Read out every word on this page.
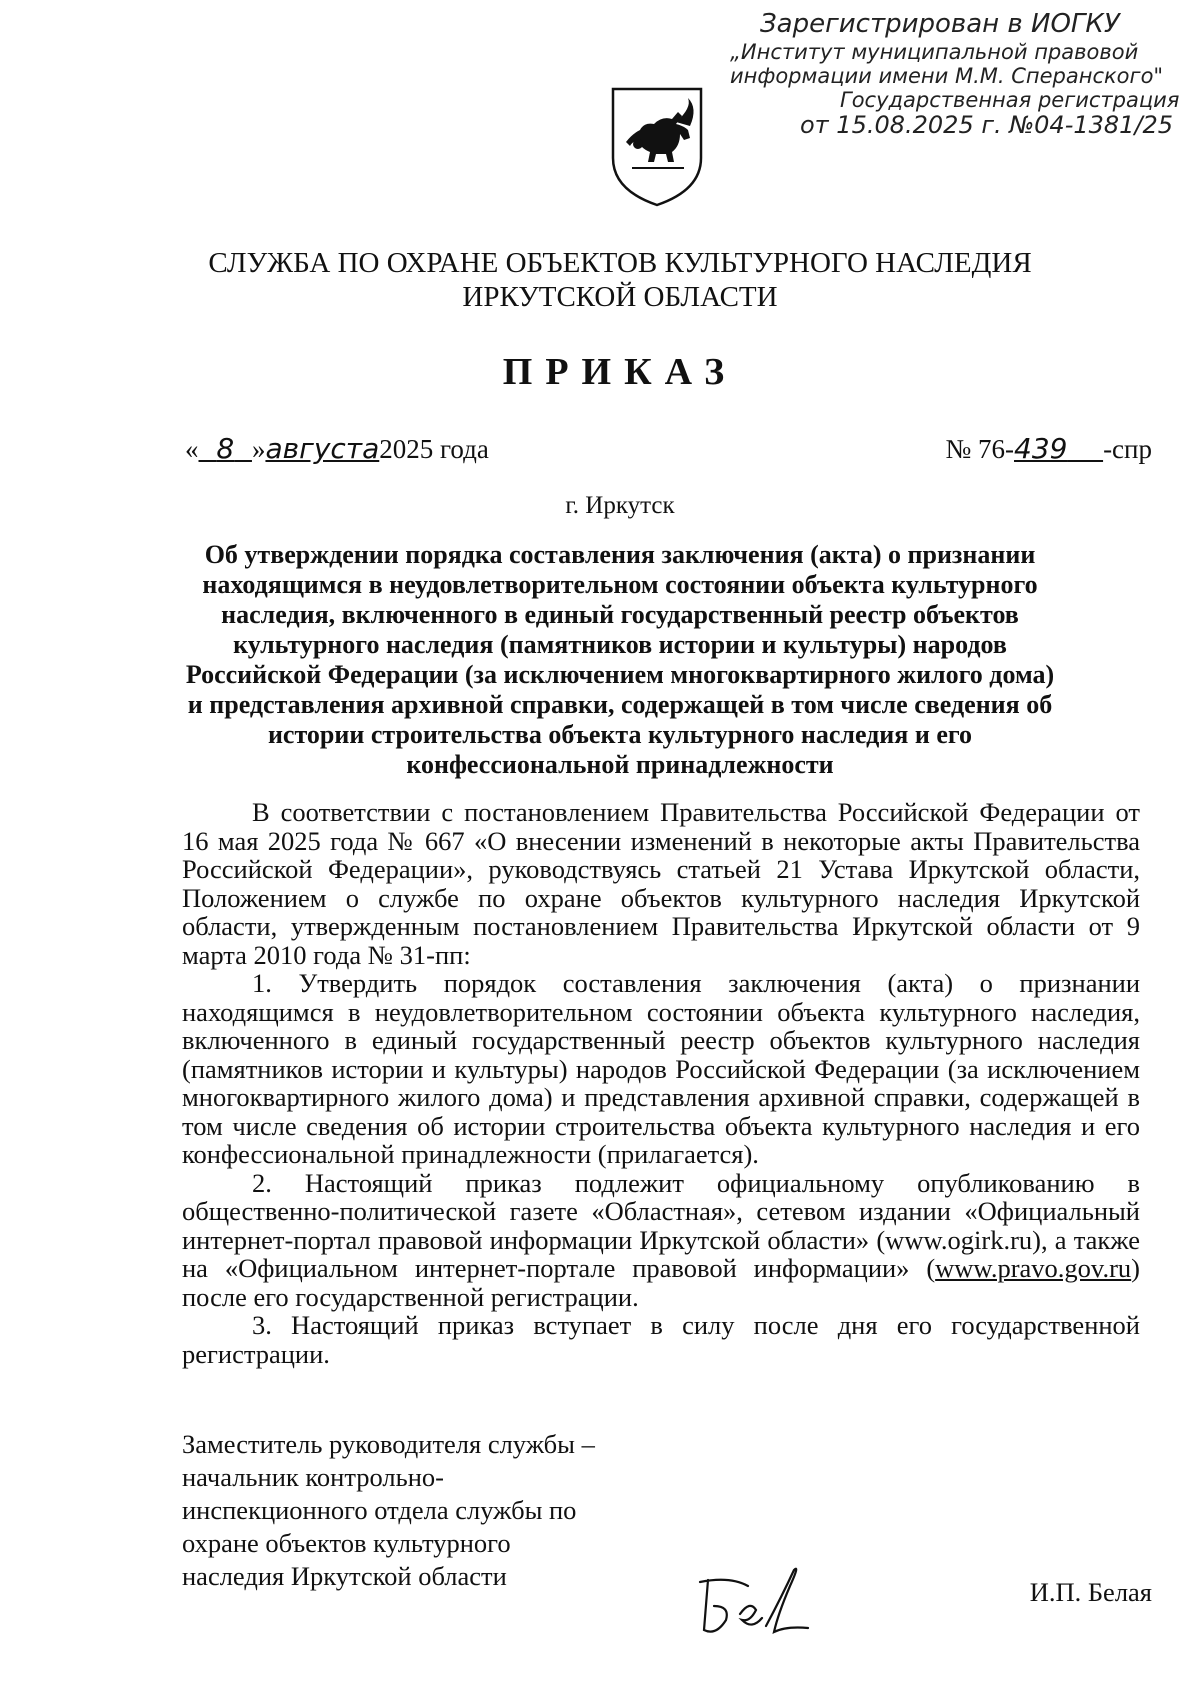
Зарегистрирован в ИОГКУ
„Институт муниципальной правовой
информации имени М.М. Сперанского"
Государственная регистрация
от 15.08.2025 г. №04-1381/25
СЛУЖБА ПО ОХРАНЕ ОБЪЕКТОВ КУЛЬТУРНОГО НАСЛЕДИЯ
ИРКУТСКОЙ ОБЛАСТИ
ПРИКАЗ
« 8 »августа2025 года	№ 76-439 -спр
г. Иркутск
Об утверждении порядка составления заключения (акта) о признании находящимся в неудовлетворительном состоянии объекта культурного наследия, включенного в единый государственный реестр объектов культурного наследия (памятников истории и культуры) народов Российской Федерации (за исключением многоквартирного жилого дома) и представления архивной справки, содержащей в том числе сведения об истории строительства объекта культурного наследия и его конфессиональной принадлежности

В соответствии с постановлением Правительства Российской Федерации от 16 мая 2025 года № 667 «О внесении изменений в некоторые акты Правительства Российской Федерации», руководствуясь статьей 21 Устава Иркутской области, Положением о службе по охране объектов культурного наследия Иркутской области, утвержденным постановлением Правительства Иркутской области от 9 марта 2010 года № 31-пп:

1. Утвердить порядок составления заключения (акта) о признании находящимся в неудовлетворительном состоянии объекта культурного наследия, включенного в единый государственный реестр объектов культурного наследия (памятников истории и культуры) народов Российской Федерации (за исключением многоквартирного жилого дома) и представления архивной справки, содержащей в том числе сведения об истории строительства объекта культурного наследия и его конфессиональной принадлежности (прилагается).

2. Настоящий приказ подлежит официальному опубликованию в общественно-политической газете «Областная», сетевом издании «Официальный интернет-портал правовой информации Иркутской области» (www.ogirk.ru), а также на «Официальном интернет-портале правовой информации» (www.pravo.gov.ru) после его государственной регистрации.

3. Настоящий приказ вступает в силу после дня его государственной регистрации.

Заместитель руководителя службы –
начальник контрольно-
инспекционного отдела службы по
охране объектов культурного
наследия Иркутской области
И.П. Белая
